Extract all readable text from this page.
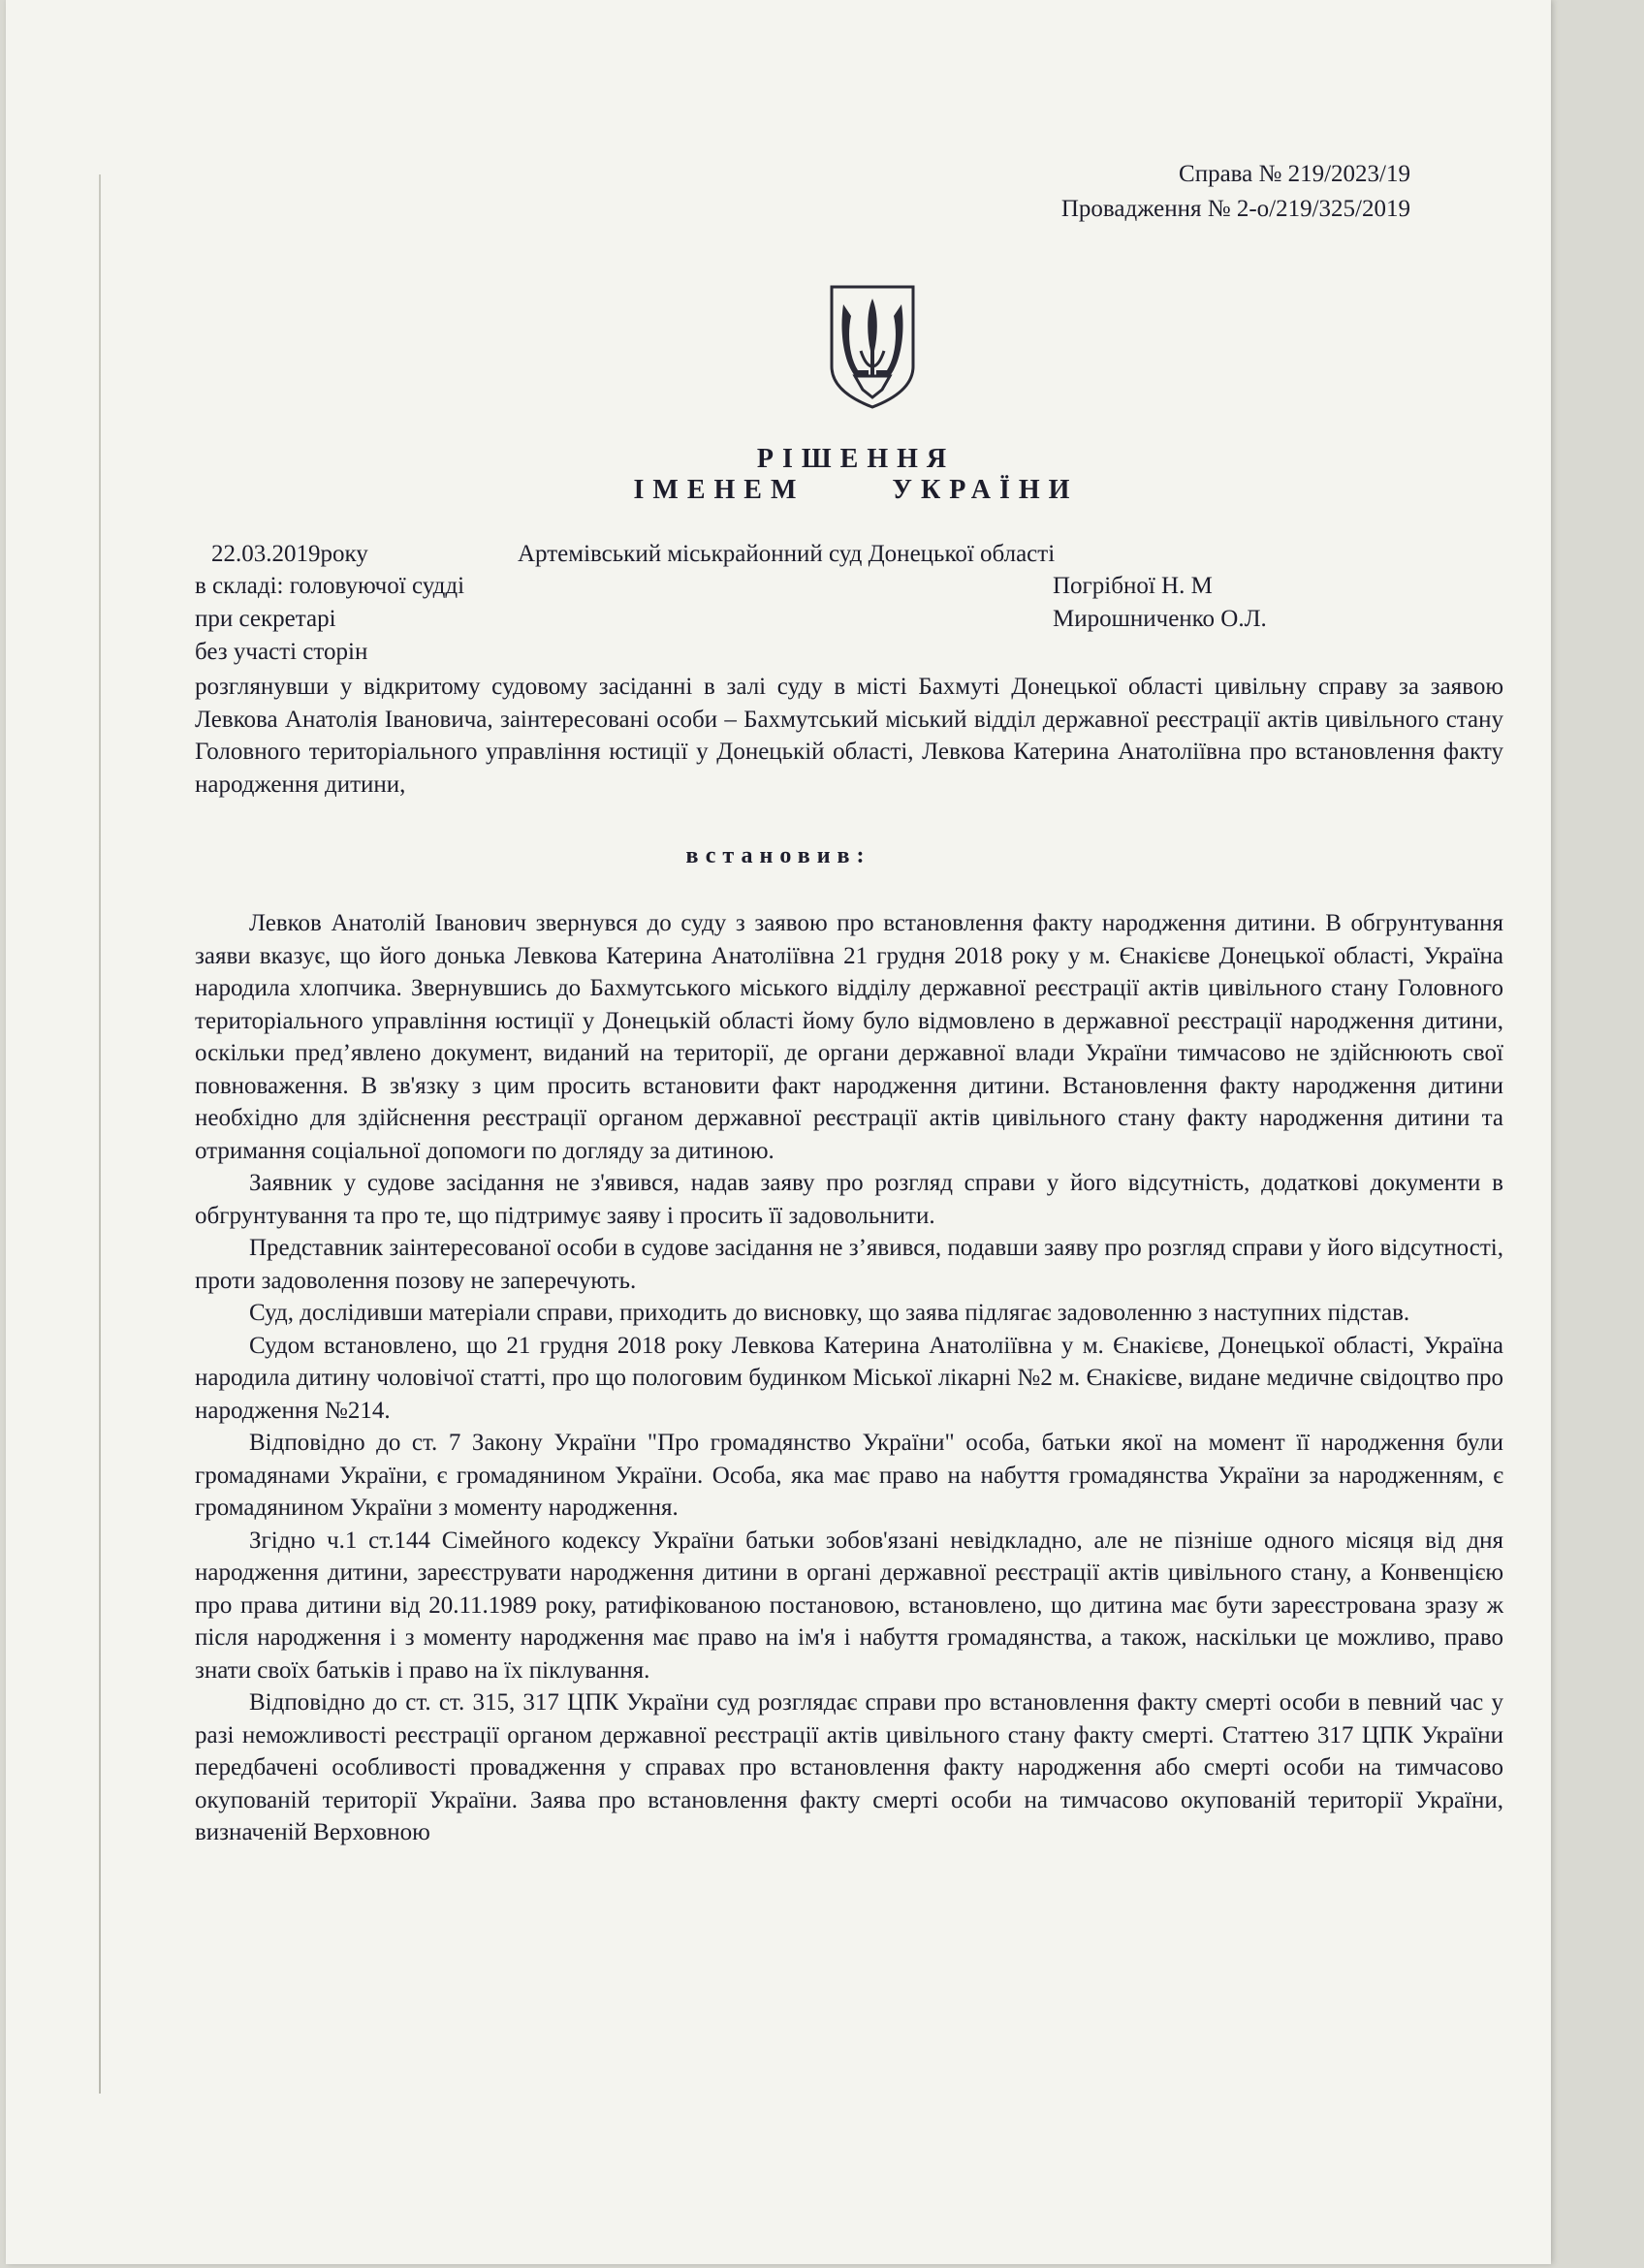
Справа № 219/2023/19
Провадження № 2-о/219/325/2019
РІШЕННЯ
ІМЕНЕМ	УКРАЇНИ
22.03.2019року	Артемівський міськрайонний суд Донецької області
в складі: головуючої судді	Погрібної Н. М
при секретарі	Мирошниченко О.Л.
без участі сторін

розглянувши у відкритому судовому засіданні в залі суду в місті Бахмуті Донецької області цивільну справу за заявою Левкова Анатолія Івановича, заінтересовані особи – Бахмутський міський відділ державної реєстрації актів цивільного стану Головного територіального управління юстиції у Донецькій області, Левкова Катерина Анатоліївна про встановлення факту народження дитини,

встановив:

Левков Анатолій Іванович звернувся до суду з заявою про встановлення факту народження дитини. В обгрунтування заяви вказує, що його донька Левкова Катерина Анатоліївна 21 грудня 2018 року у м. Єнакієве Донецької області, Україна народила хлопчика. Звернувшись до Бахмутського міського відділу державної реєстрації актів цивільного стану Головного територіального управління юстиції у Донецькій області йому було відмовлено в державної реєстрації народження дитини, оскільки пред’явлено документ, виданий на території, де органи державної влади України тимчасово не здійснюють свої повноваження. В зв'язку з цим просить встановити факт народження дитини. Встановлення факту народження дитини необхідно для здійснення реєстрації органом державної реєстрації актів цивільного стану факту народження дитини та отримання соціальної допомоги по догляду за дитиною.

Заявник у судове засідання не з'явився, надав заяву про розгляд справи у його відсутність, додаткові документи в обгрунтування та про те, що підтримує заяву і просить її задовольнити.

Представник заінтересованої особи в судове засідання не з’явився, подавши заяву про розгляд справи у його відсутності, проти задоволення позову не заперечують.

Суд, дослідивши матеріали справи, приходить до висновку, що заява підлягає задоволенню з наступних підстав.

Судом встановлено, що 21 грудня 2018 року Левкова Катерина Анатоліївна у м. Єнакієве, Донецької області, Україна народила дитину чоловічої статті, про що пологовим будинком Міської лікарні №2 м. Єнакієве, видане медичне свідоцтво про народження №214.

Відповідно до ст. 7 Закону України "Про громадянство України" особа, батьки якої на момент її народження були громадянами України, є громадянином України. Особа, яка має право на набуття громадянства України за народженням, є громадянином України з моменту народження.

Згідно ч.1 ст.144 Сімейного кодексу України батьки зобов'язані невідкладно, але не пізніше одного місяця від дня народження дитини, зареєструвати народження дитини в органі державної реєстрації актів цивільного стану, а Конвенцією про права дитини від 20.11.1989 року, ратифікованою постановою, встановлено, що дитина має бути зареєстрована зразу ж після народження і з моменту народження має право на ім'я і набуття громадянства, а також, наскільки це можливо, право знати своїх батьків і право на їх піклування.

Відповідно до ст. ст. 315, 317 ЦПК України суд розглядає справи про встановлення факту смерті особи в певний час у разі неможливості реєстрації органом державної реєстрації актів цивільного стану факту смерті. Статтею 317 ЦПК України передбачені особливості провадження у справах про встановлення факту народження або смерті особи на тимчасово окупованій території України. Заява про встановлення факту смерті особи на тимчасово окупованій території України, визначеній Верховною
